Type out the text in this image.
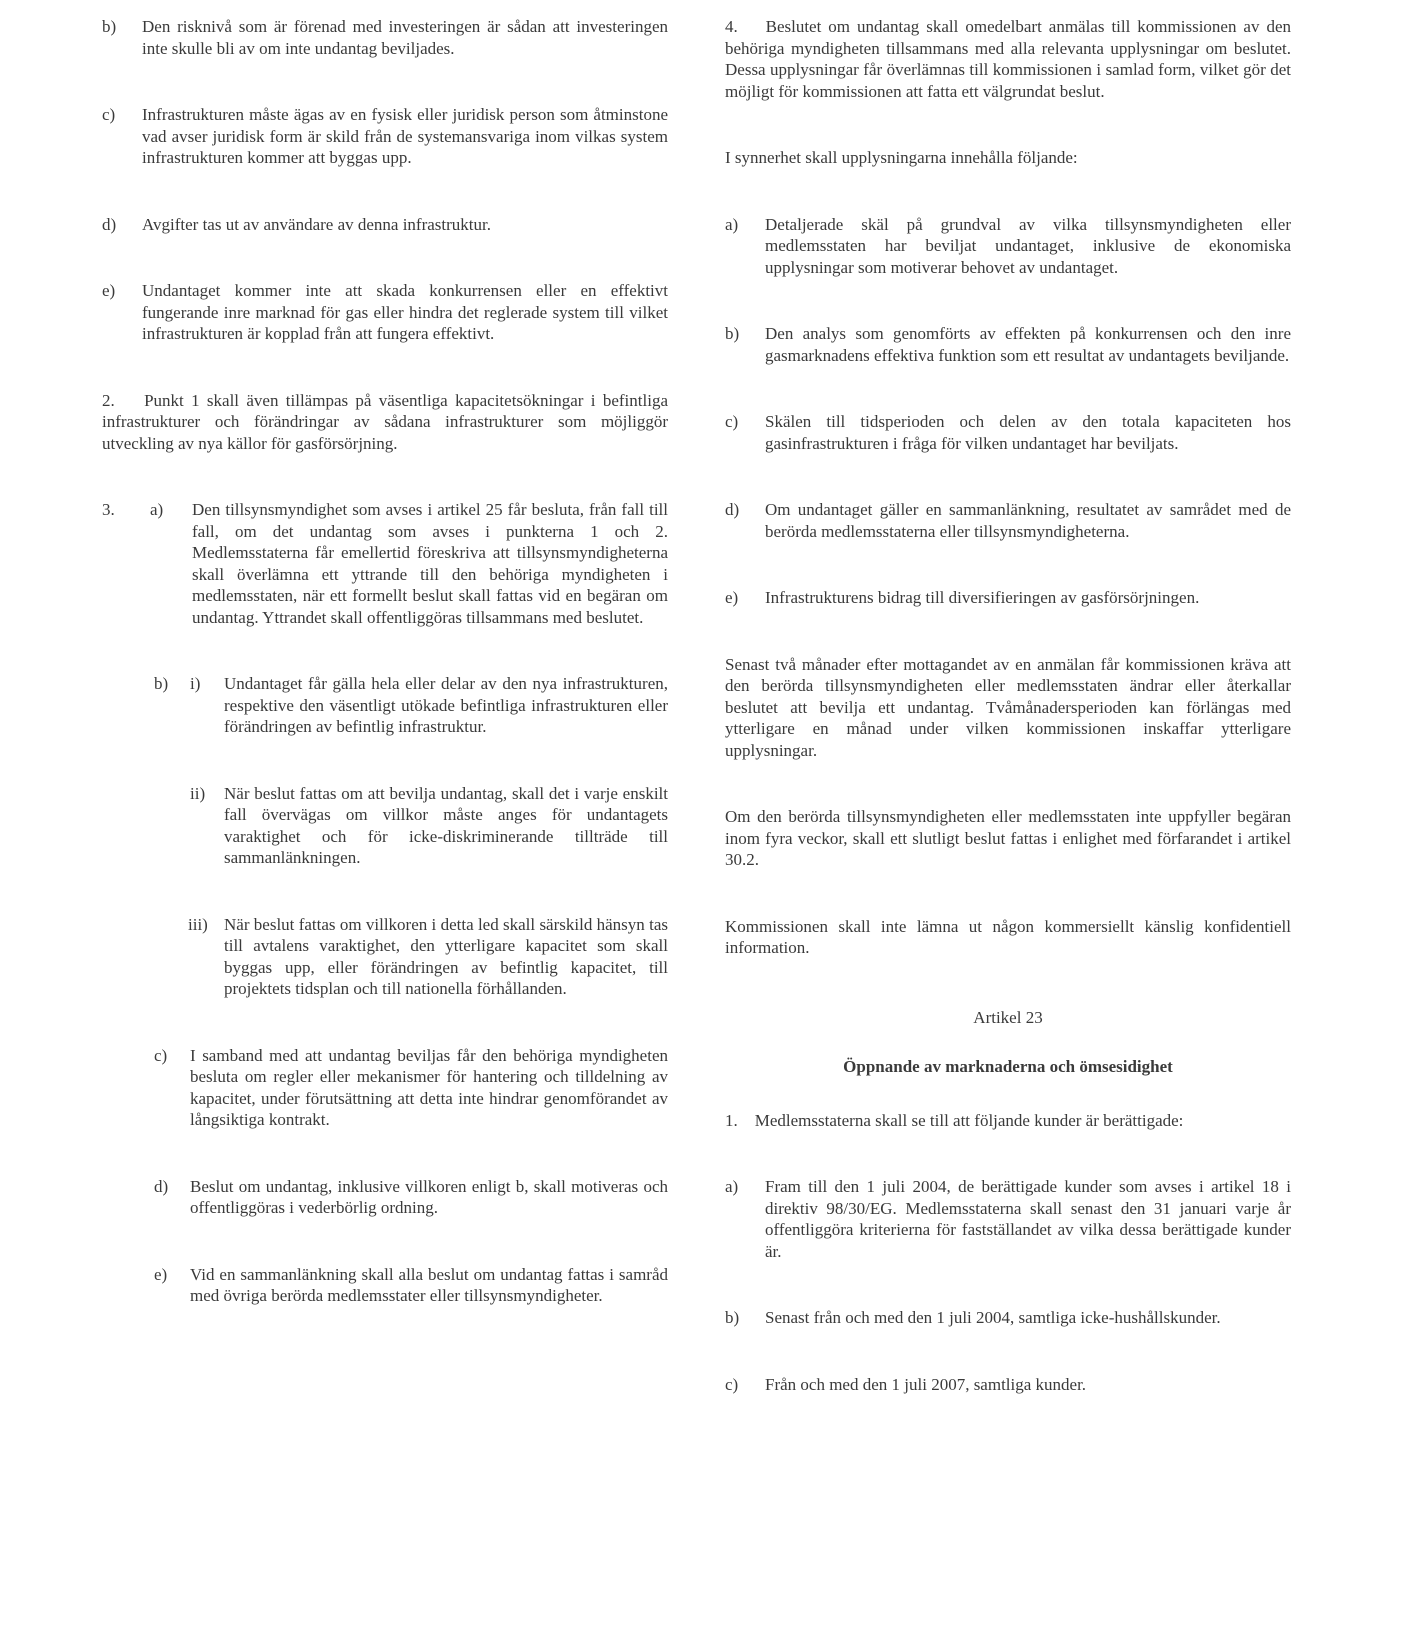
b) Den risknivå som är förenad med investeringen är sådan att investeringen inte skulle bli av om inte undantag beviljades.
c) Infrastrukturen måste ägas av en fysisk eller juridisk person som åtminstone vad avser juridisk form är skild från de systemansvariga inom vilkas system infrastrukturen kommer att byggas upp.
d) Avgifter tas ut av användare av denna infrastruktur.
e) Undantaget kommer inte att skada konkurrensen eller en effektivt fungerande inre marknad för gas eller hindra det reglerade system till vilket infrastrukturen är kopplad från att fungera effektivt.
2.    Punkt 1 skall även tillämpas på väsentliga kapacitetsökningar i befintliga infrastrukturer och förändringar av sådana infrastrukturer som möjliggör utveckling av nya källor för gasförsörjning.
3. a) Den tillsynsmyndighet som avses i artikel 25 får besluta, från fall till fall, om det undantag som avses i punkterna 1 och 2. Medlemsstaterna får emellertid föreskriva att tillsynsmyndigheterna skall överlämna ett yttrande till den behöriga myndigheten i medlemsstaten, när ett formellt beslut skall fattas vid en begäran om undantag. Yttrandet skall offentliggöras tillsammans med beslutet.
b) i) Undantaget får gälla hela eller delar av den nya infrastrukturen, respektive den väsentligt utökade befintliga infrastrukturen eller förändringen av befintlig infrastruktur.
ii) När beslut fattas om att bevilja undantag, skall det i varje enskilt fall övervägas om villkor måste anges för undantagets varaktighet och för icke-diskriminerande tillträde till sammanlänkningen.
iii) När beslut fattas om villkoren i detta led skall särskild hänsyn tas till avtalens varaktighet, den ytterligare kapacitet som skall byggas upp, eller förändringen av befintlig kapacitet, till projektets tidsplan och till nationella förhållanden.
c) I samband med att undantag beviljas får den behöriga myndigheten besluta om regler eller mekanismer för hantering och tilldelning av kapacitet, under förutsättning att detta inte hindrar genomförandet av långsiktiga kontrakt.
d) Beslut om undantag, inklusive villkoren enligt b, skall motiveras och offentliggöras i vederbörlig ordning.
e) Vid en sammanlänkning skall alla beslut om undantag fattas i samråd med övriga berörda medlemsstater eller tillsynsmyndigheter.
4.    Beslutet om undantag skall omedelbart anmälas till kommissionen av den behöriga myndigheten tillsammans med alla relevanta upplysningar om beslutet. Dessa upplysningar får överlämnas till kommissionen i samlad form, vilket gör det möjligt för kommissionen att fatta ett välgrundat beslut.
I synnerhet skall upplysningarna innehålla följande:
a) Detaljerade skäl på grundval av vilka tillsynsmyndigheten eller medlemsstaten har beviljat undantaget, inklusive de ekonomiska upplysningar som motiverar behovet av undantaget.
b) Den analys som genomförts av effekten på konkurrensen och den inre gasmarknadens effektiva funktion som ett resultat av undantagets beviljande.
c) Skälen till tidsperioden och delen av den totala kapaciteten hos gasinfrastrukturen i fråga för vilken undantaget har beviljats.
d) Om undantaget gäller en sammanlänkning, resultatet av samrådet med de berörda medlemsstaterna eller tillsynsmyndigheterna.
e) Infrastrukturens bidrag till diversifieringen av gasförsörjningen.
Senast två månader efter mottagandet av en anmälan får kommissionen kräva att den berörda tillsynsmyndigheten eller medlemsstaten ändrar eller återkallar beslutet att bevilja ett undantag. Tvåmånadersperioden kan förlängas med ytterligare en månad under vilken kommissionen inskaffar ytterligare upplysningar.
Om den berörda tillsynsmyndigheten eller medlemsstaten inte uppfyller begäran inom fyra veckor, skall ett slutligt beslut fattas i enlighet med förfarandet i artikel 30.2.
Kommissionen skall inte lämna ut någon kommersiellt känslig konfidentiell information.
Artikel 23
Öppnande av marknaderna och ömsesidighet
1.    Medlemsstaterna skall se till att följande kunder är berättigade:
a) Fram till den 1 juli 2004, de berättigade kunder som avses i artikel 18 i direktiv 98/30/EG. Medlemsstaterna skall senast den 31 januari varje år offentliggöra kriterierna för fastställandet av vilka dessa berättigade kunder är.
b) Senast från och med den 1 juli 2004, samtliga icke-hushållskunder.
c) Från och med den 1 juli 2007, samtliga kunder.
